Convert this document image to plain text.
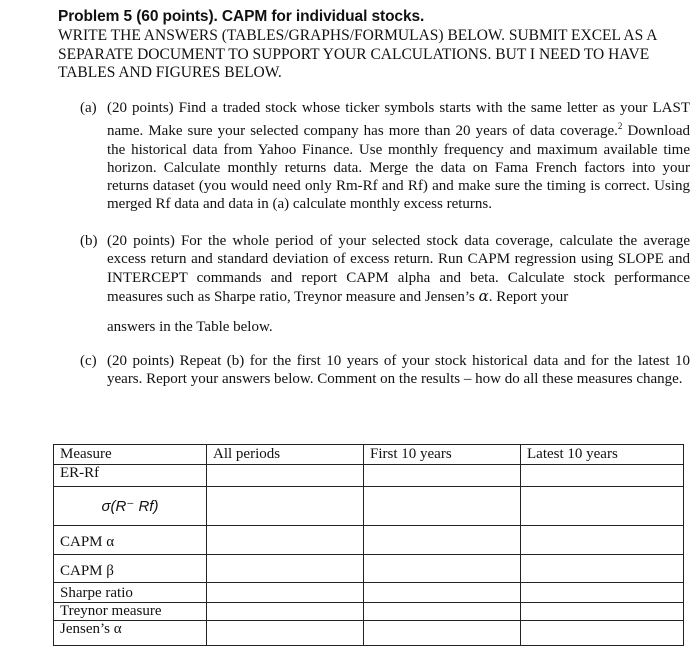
Problem 5 (60 points). CAPM for individual stocks.
WRITE THE ANSWERS (TABLES/GRAPHS/FORMULAS) BELOW. SUBMIT EXCEL AS A SEPARATE DOCUMENT TO SUPPORT YOUR CALCULATIONS. BUT I NEED TO HAVE TABLES AND FIGURES BELOW.
(a) (20 points) Find a traded stock whose ticker symbols starts with the same letter as your LAST name. Make sure your selected company has more than 20 years of data coverage.$^2$ Download the historical data from Yahoo Finance. Use monthly frequency and maximum available time horizon. Calculate monthly returns data. Merge the data on Fama French factors into your returns dataset (you would need only Rm-Rf and Rf) and make sure the timing is correct. Using merged Rf data and data in (a) calculate monthly excess returns.
(b) (20 points) For the whole period of your selected stock data coverage, calculate the average excess return and standard deviation of excess return. Run CAPM regression using SLOPE and INTERCEPT commands and report CAPM alpha and beta. Calculate stock performance measures such as Sharpe ratio, Treynor measure and Jensen’s α. Report your
answers in the Table below.
(c) (20 points) Repeat (b) for the first 10 years of your stock historical data and for the latest 10 years. Report your answers below. Comment on the results – how do all these measures change.
Measure	All periods	First 10 years	Latest 10 years
ER-Rf			

σ(R⁻ Rf)			

CAPM α			
CAPM β			
Sharpe ratio			
Treynor measure			
Jensen’s α			
